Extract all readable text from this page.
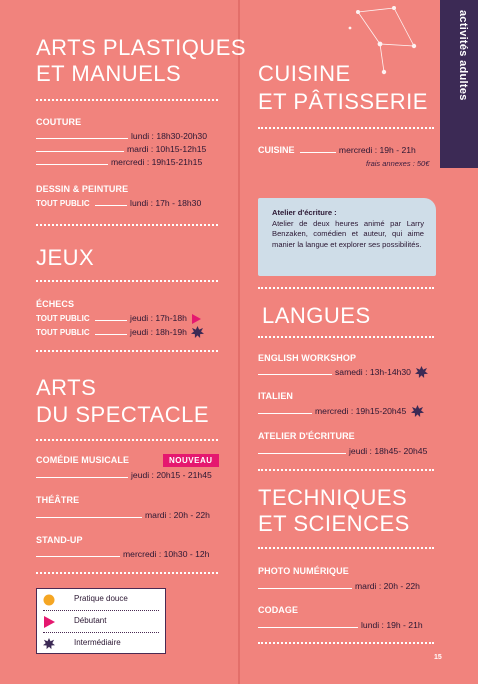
activités adultes
ARTS PLASTIQUES
ET MANUELS
COUTURE
lundi : 18h30-20h30
mardi : 10h15-12h15
mercredi : 19h15-21h15
DESSIN & PEINTURE
TOUT PUBLIC	lundi : 17h - 18h30
JEUX
ÉCHECS
TOUT PUBLIC	jeudi : 17h-18h
TOUT PUBLIC	jeudi : 18h-19h
ARTS
DU SPECTACLE
COMÉDIE MUSICALE	NOUVEAU
jeudi : 20h15 - 21h45
THÉÂTRE
mardi : 20h - 22h
STAND-UP
mercredi : 10h30 - 12h
Pratique douce
Débutant
Intermédiaire
CUISINE
ET PÂTISSERIE
CUISINE	mercredi : 19h - 21h
frais annexes : 50€
Atelier d'écriture :
Atelier de deux heures animé par Larry Benzaken, comédien et auteur, qui aime manier la langue et explorer ses possibilités.
LANGUES
ENGLISH WORKSHOP
samedi : 13h-14h30
ITALIEN
mercredi : 19h15-20h45
ATELIER D'ÉCRITURE
jeudi : 18h45- 20h45
TECHNIQUES
ET SCIENCES
PHOTO NUMÉRIQUE
mardi : 20h - 22h
CODAGE
lundi : 19h - 21h
15
